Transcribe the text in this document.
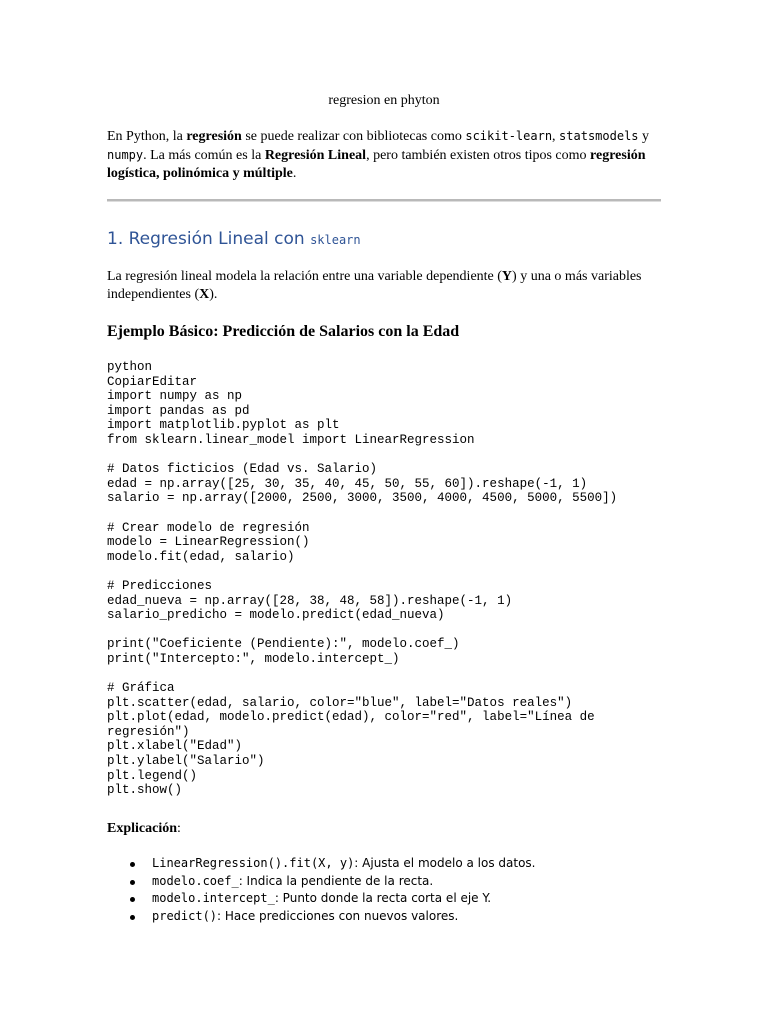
regresion en phyton

En Python, la regresión se puede realizar con bibliotecas como scikit-learn, statsmodels y numpy. La más común es la Regresión Lineal, pero también existen otros tipos como regresión logística, polinómica y múltiple.

1. Regresión Lineal con sklearn

La regresión lineal modela la relación entre una variable dependiente (Y) y una o más variables independientes (X).

Ejemplo Básico: Predicción de Salarios con la Edad
python
CopiarEditar
import numpy as np
import pandas as pd
import matplotlib.pyplot as plt
from sklearn.linear_model import LinearRegression
# Datos ficticios (Edad vs. Salario)
edad = np.array([25, 30, 35, 40, 45, 50, 55, 60]).reshape(-1, 1)
salario = np.array([2000, 2500, 3000, 3500, 4000, 4500, 5000, 5500])
# Crear modelo de regresión
modelo = LinearRegression()
modelo.fit(edad, salario)
# Predicciones
edad_nueva = np.array([28, 38, 48, 58]).reshape(-1, 1)
salario_predicho = modelo.predict(edad_nueva)
print("Coeficiente (Pendiente):", modelo.coef_)
print("Intercepto:", modelo.intercept_)
# Gráfica
plt.scatter(edad, salario, color="blue", label="Datos reales")
plt.plot(edad, modelo.predict(edad), color="red", label="Línea de
regresión")
plt.xlabel("Edad")
plt.ylabel("Salario")
plt.legend()
plt.show()
Explicación:
LinearRegression().fit(X, y): Ajusta el modelo a los datos.
modelo.coef_: Indica la pendiente de la recta.
modelo.intercept_: Punto donde la recta corta el eje Y.
predict(): Hace predicciones con nuevos valores.
